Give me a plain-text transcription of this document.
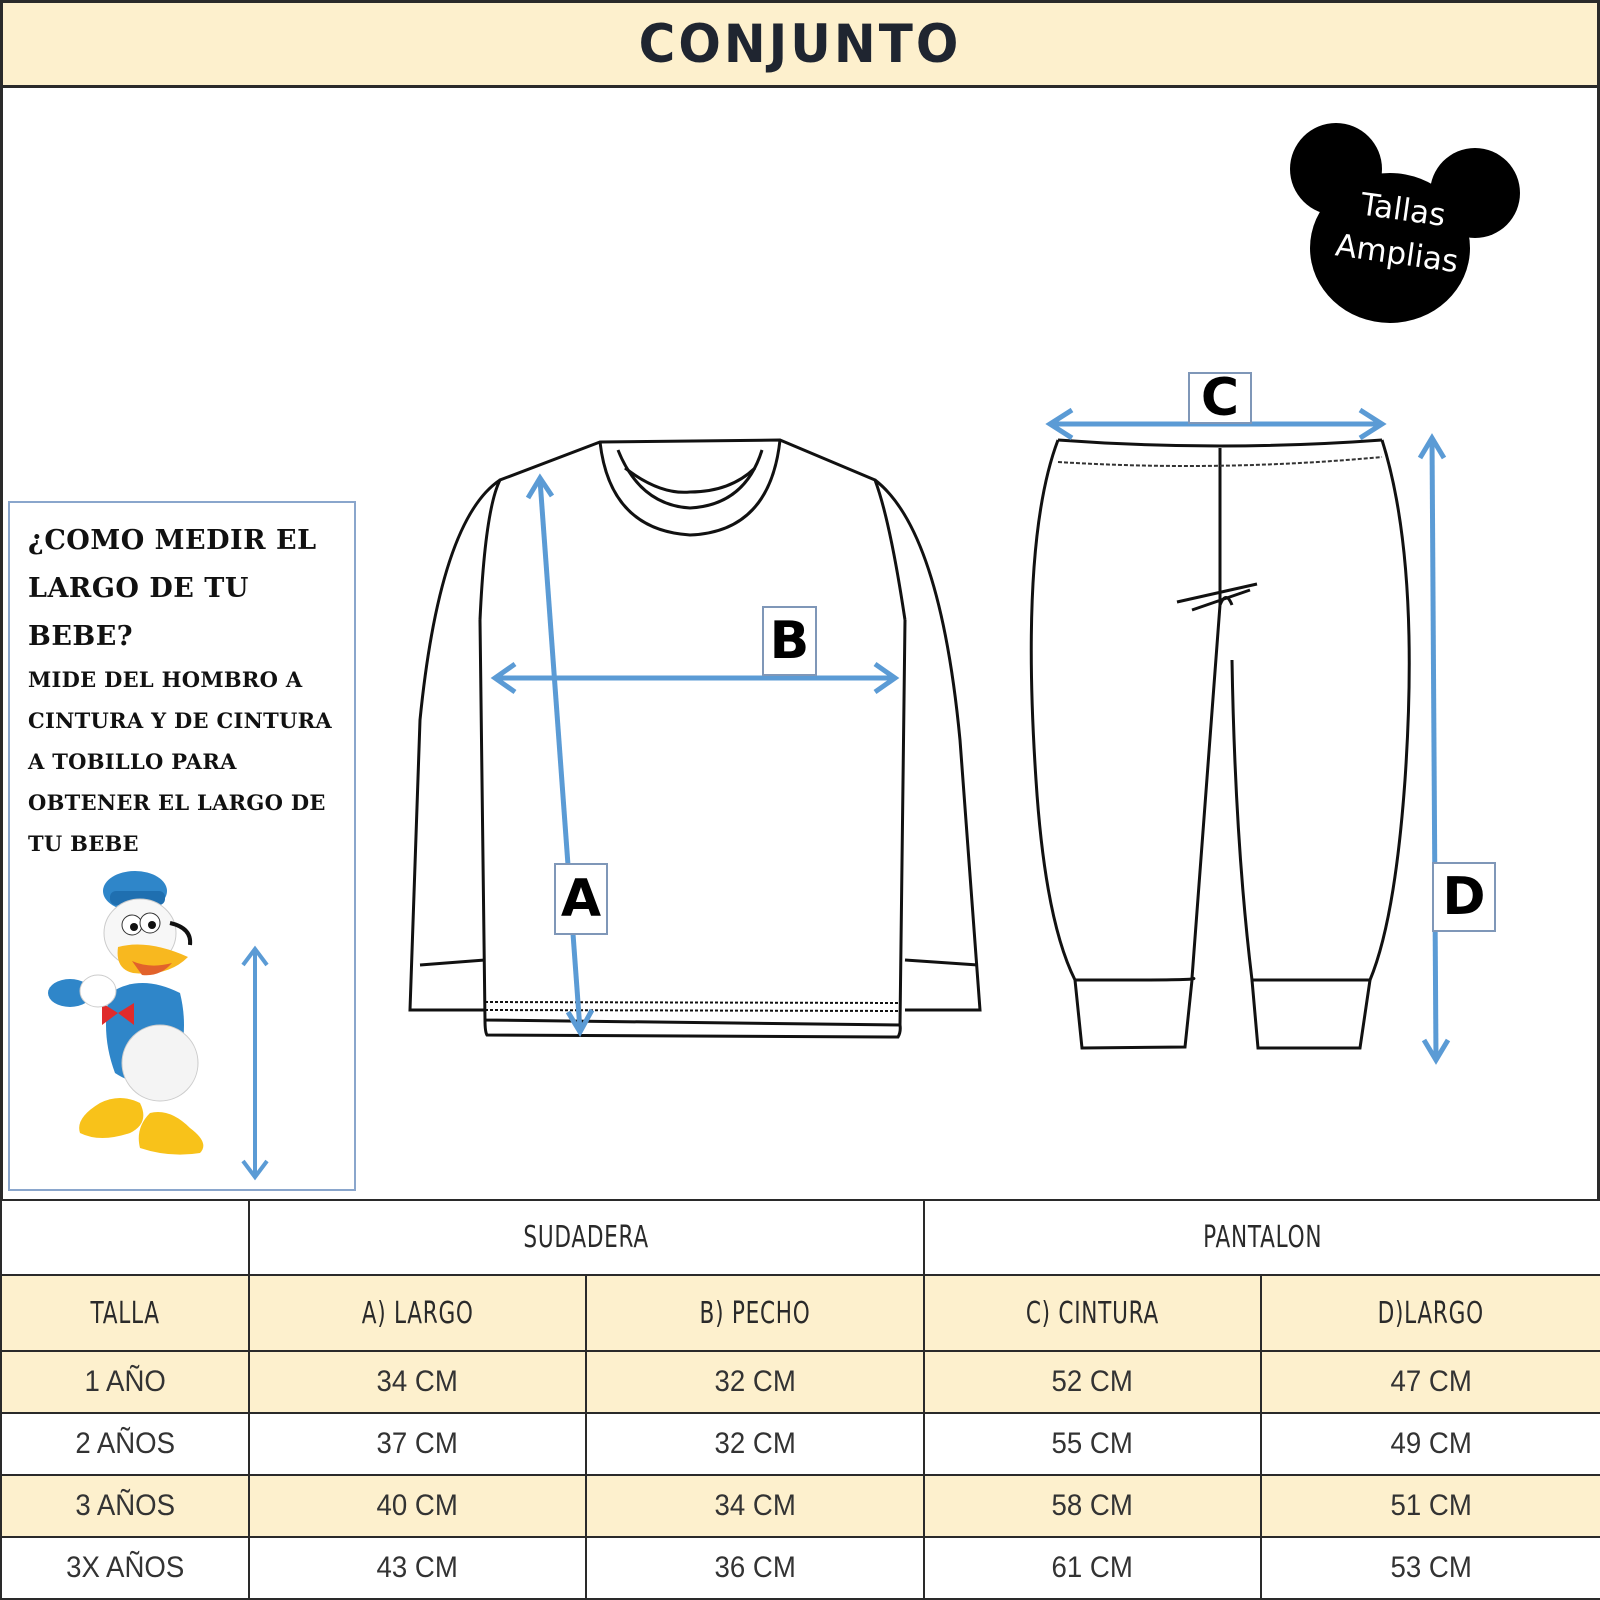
CONJUNTO
Tallas
Amplias
¿COMO MEDIR EL LARGO DE TU BEBE?
MIDE DEL HOMBRO A CINTURA Y DE CINTURA A TOBILLO PARA OBTENER EL LARGO DE TU BEBE
A
B
C
D
	SUDADERA		PANTALON	
TALLA	A) LARGO	B) PECHO	C) CINTURA	D)LARGO
1 AÑO	34 CM	32 CM	52 CM	47 CM
2 AÑOS	37 CM	32 CM	55 CM	49 CM
3 AÑOS	40 CM	34 CM	58 CM	51 CM
3X AÑOS	43 CM	36 CM	61 CM	53 CM
